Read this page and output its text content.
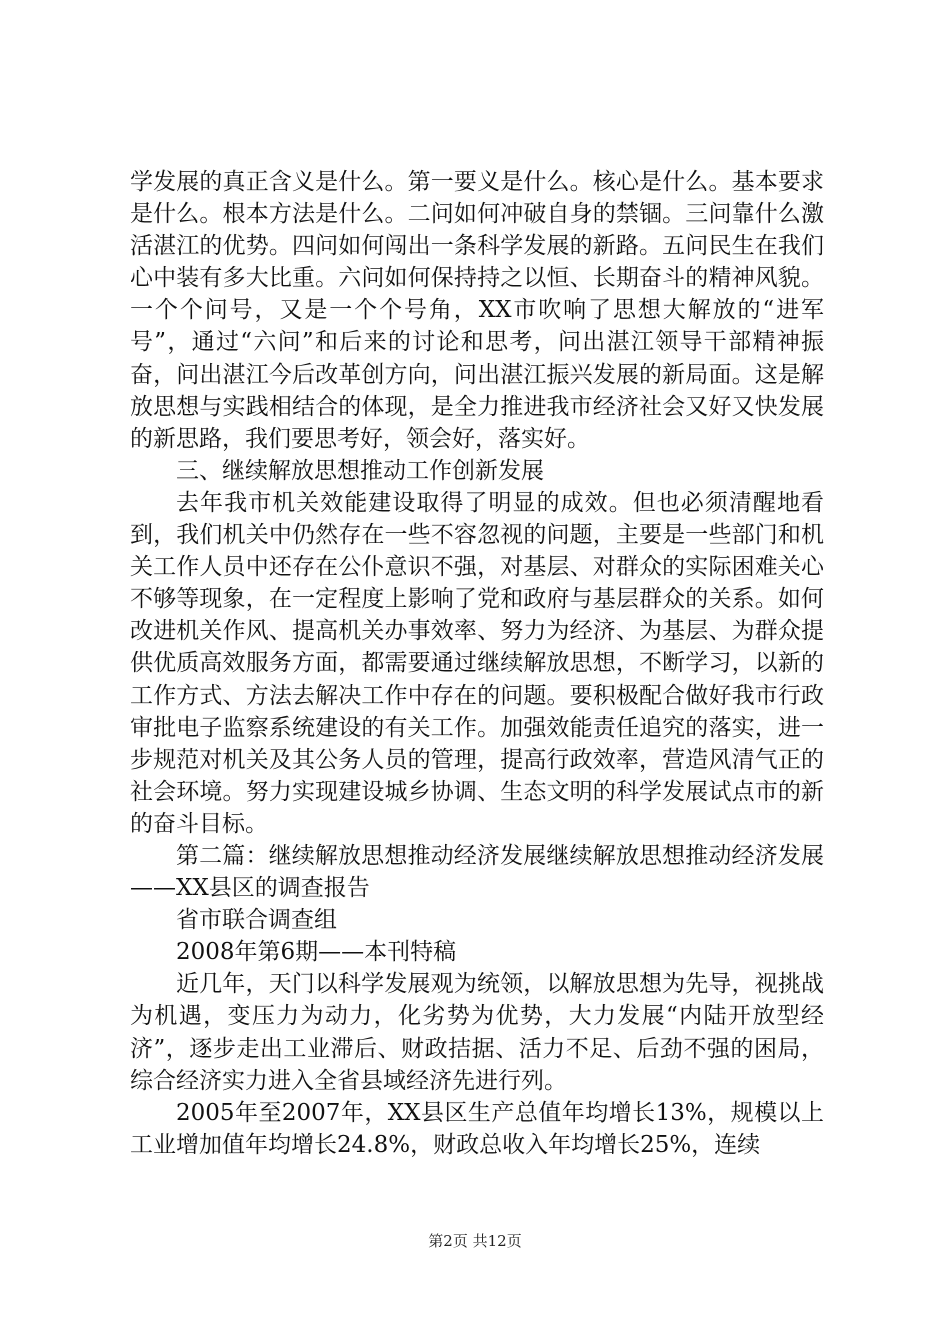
学发展的真正含义是什么。第一要义是什么。核心是什么。基本要求是什么。根本方法是什么。二问如何冲破自身的禁锢。三问靠什么激活湛江的优势。四问如何闯出一条科学发展的新路。五问民生在我们心中装有多大比重。六问如何保持持之以恒、长期奋斗的精神风貌。一个个问号，又是一个个号角，XX市吹响了思想大解放的“进军号”，通过“六问”和后来的讨论和思考，问出湛江领导干部精神振奋，问出湛江今后改革创方向，问出湛江振兴发展的新局面。这是解放思想与实践相结合的体现，是全力推进我市经济社会又好又快发展的新思路，我们要思考好，领会好，落实好。

三、继续解放思想推动工作创新发展

去年我市机关效能建设取得了明显的成效。但也必须清醒地看到，我们机关中仍然存在一些不容忽视的问题，主要是一些部门和机关工作人员中还存在公仆意识不强，对基层、对群众的实际困难关心不够等现象，在一定程度上影响了党和政府与基层群众的关系。如何改进机关作风、提高机关办事效率、努力为经济、为基层、为群众提供优质高效服务方面，都需要通过继续解放思想，不断学习，以新的工作方式、方法去解决工作中存在的问题。要积极配合做好我市行政审批电子监察系统建设的有关工作。加强效能责任追究的落实，进一步规范对机关及其公务人员的管理，提高行政效率，营造风清气正的社会环境。努力实现建设城乡协调、生态文明的科学发展试点市的新的奋斗目标。

第二篇：继续解放思想推动经济发展继续解放思想推动经济发展——XX县区的调查报告

省市联合调查组

2008年第6期——本刊特稿

近几年，天门以科学发展观为统领，以解放思想为先导，视挑战为机遇，变压力为动力，化劣势为优势，大力发展“内陆开放型经济”，逐步走出工业滞后、财政拮据、活力不足、后劲不强的困局，综合经济实力进入全省县域经济先进行列。

2005年至2007年，XX县区生产总值年均增长13%，规模以上工业增加值年均增长24.8%，财政总收入年均增长25%，连续

第2页 共12页
